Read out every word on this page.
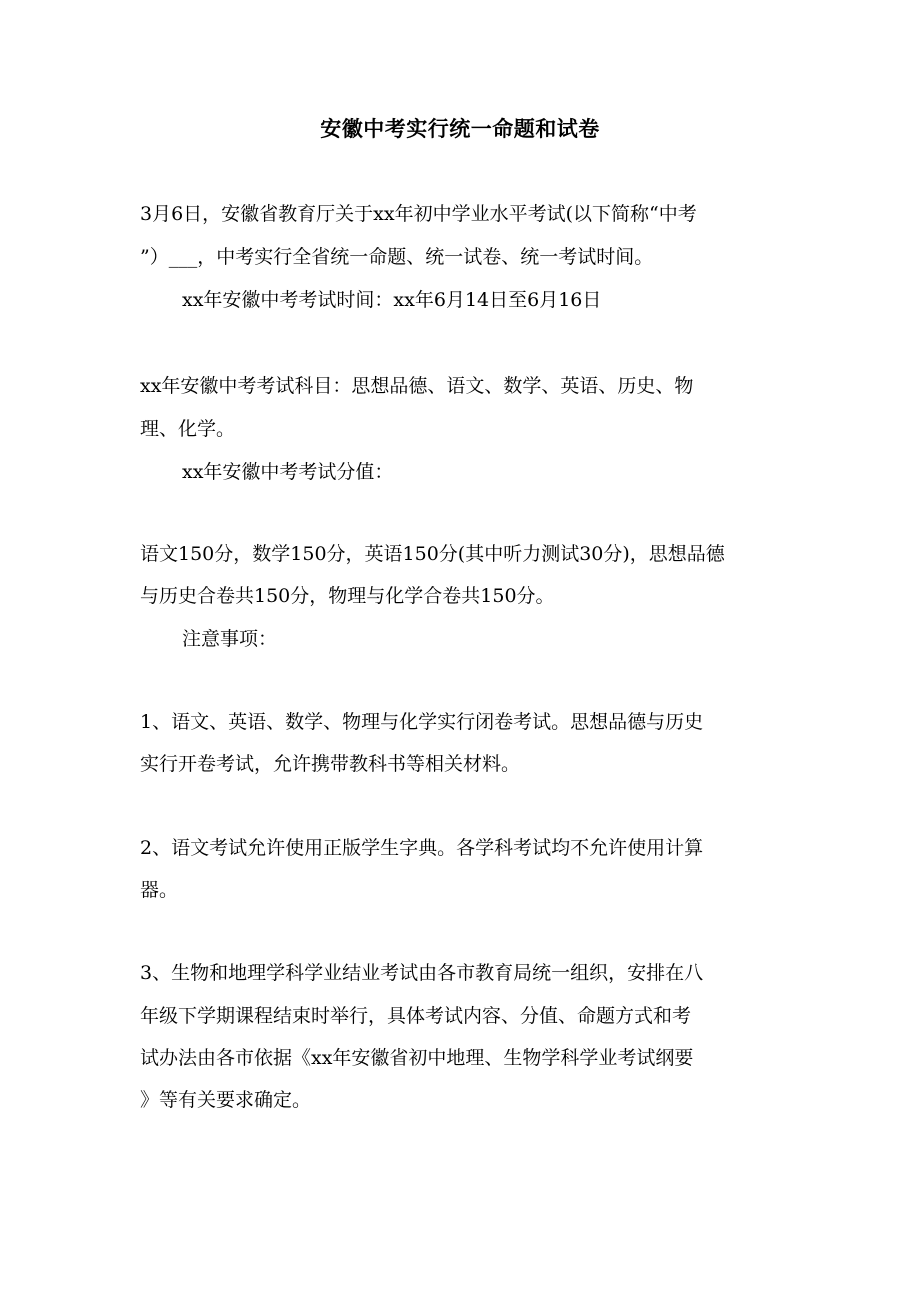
安徽中考实行统一命题和试卷
3月6日，安徽省教育厅关于xx年初中学业水平考试(以下简称“中考
”）___，中考实行全省统一命题、统一试卷、统一考试时间。
xx年安徽中考考试时间：xx年6月14日至6月16日
xx年安徽中考考试科目：思想品德、语文、数学、英语、历史、物
理、化学。
xx年安徽中考考试分值：
语文150分，数学150分，英语150分(其中听力测试30分)，思想品德
与历史合卷共150分，物理与化学合卷共150分。
注意事项：
1、语文、英语、数学、物理与化学实行闭卷考试。思想品德与历史
实行开卷考试，允许携带教科书等相关材料。
2、语文考试允许使用正版学生字典。各学科考试均不允许使用计算
器。
3、生物和地理学科学业结业考试由各市教育局统一组织，安排在八
年级下学期课程结束时举行，具体考试内容、分值、命题方式和考
试办法由各市依据《xx年安徽省初中地理、生物学科学业考试纲要
》等有关要求确定。
